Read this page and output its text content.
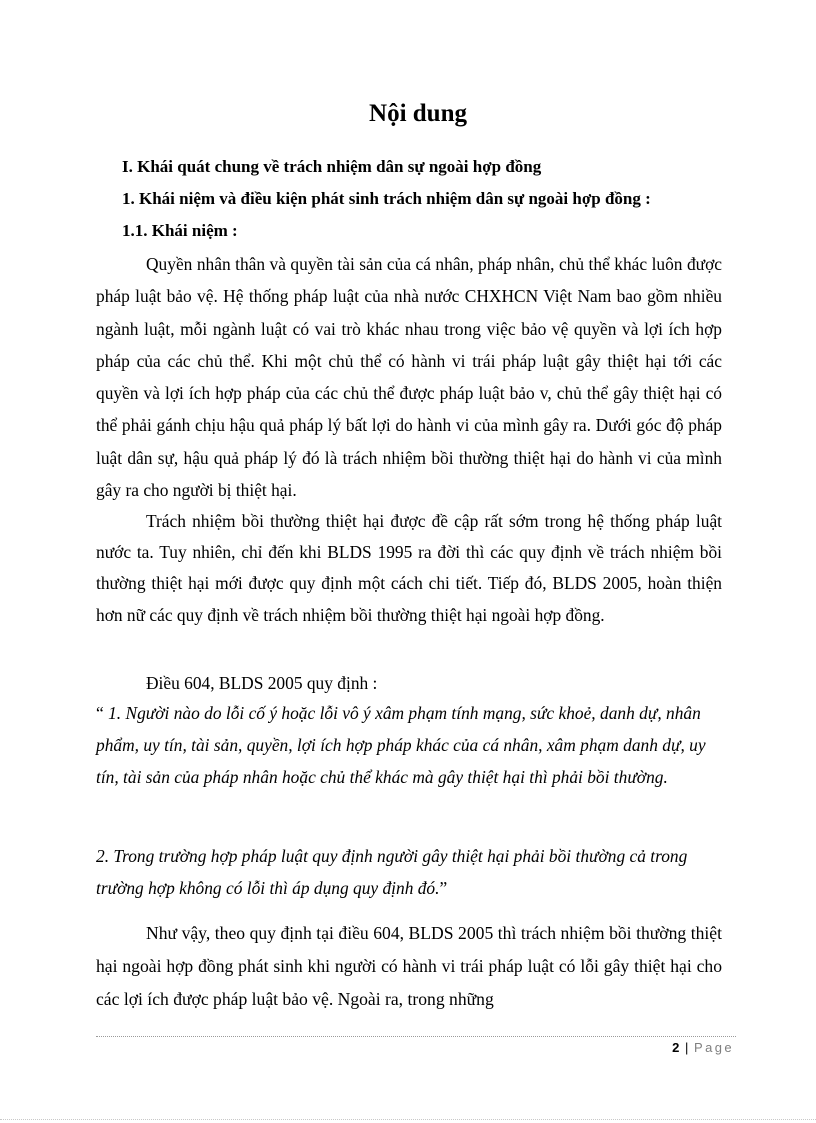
Nội dung

I. Khái quát chung về trách nhiệm dân sự ngoài hợp đồng

1. Khái niệm và điều kiện phát sinh trách nhiệm dân sự ngoài hợp đồng :

1.1. Khái niệm :

Quyền nhân thân và quyền tài sản của cá nhân, pháp nhân, chủ thể khác luôn được pháp luật bảo vệ. Hệ thống pháp luật của nhà nước CHXHCN Việt Nam bao gồm nhiều ngành luật, mỗi ngành luật có vai trò khác nhau trong việc bảo vệ quyền và lợi ích hợp pháp của các chủ thể. Khi một chủ thể có hành vi trái pháp luật gây thiệt hại tới các quyền và lợi ích hợp pháp của các chủ thể được pháp luật bảo v, chủ thể gây thiệt hại có thể phải gánh chịu hậu quả pháp lý bất lợi do hành vi của mình gây ra. Dưới góc độ pháp luật dân sự, hậu quả pháp lý đó là trách nhiệm bồi thường thiệt hại do hành vi của mình gây ra cho người bị thiệt hại.

Trách nhiệm bồi thường thiệt hại được đề cập rất sớm trong hệ thống pháp luật nước ta. Tuy nhiên, chỉ đến khi BLDS 1995 ra đời thì các quy định về trách nhiệm bồi thường thiệt hại mới được quy định một cách chi tiết. Tiếp đó, BLDS 2005, hoàn thiện hơn nữ các quy định về trách nhiệm bồi thường thiệt hại ngoài hợp đồng.

Điều 604, BLDS 2005 quy định :

“ 1. Người nào do lỗi cố ý hoặc lỗi vô ý xâm phạm tính mạng, sức khoẻ, danh dự, nhân phẩm, uy tín, tài sản, quyền, lợi ích hợp pháp khác của cá nhân, xâm phạm danh dự, uy tín, tài sản của pháp nhân hoặc chủ thể khác mà gây thiệt hại thì phải bồi thường.

2. Trong trường hợp pháp luật quy định người gây thiệt hại phải bồi thường cả trong trường hợp không có lỗi thì áp dụng quy định đó.”

Như vậy, theo quy định tại điều 604, BLDS 2005 thì trách nhiệm bồi thường thiệt hại ngoài hợp đồng phát sinh khi người có hành vi trái pháp luật có lỗi gây thiệt hại cho các lợi ích được pháp luật bảo vệ. Ngoài ra, trong những

2 | Page
